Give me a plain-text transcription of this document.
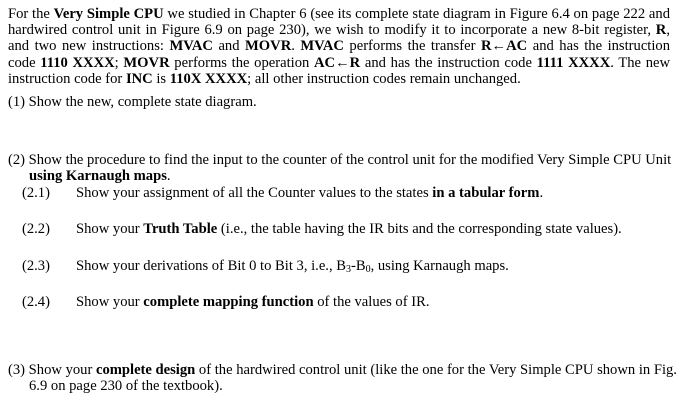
For the Very Simple CPU we studied in Chapter 6 (see its complete state diagram in Figure 6.4 on page 222 and hardwired control unit in Figure 6.9 on page 230), we wish to modify it to incorporate a new 8-bit register, R, and two new instructions: MVAC and MOVR. MVAC performs the transfer R←AC and has the instruction code 1110 XXXX; MOVR performs the operation AC←R and has the instruction code 1111 XXXX. The new instruction code for INC is 110X XXXX; all other instruction codes remain unchanged.
(1) Show the new, complete state diagram.
(2) Show the procedure to find the input to the counter of the control unit for the modified Very Simple CPU Unit using Karnaugh maps.
(2.1) Show your assignment of all the Counter values to the states in a tabular form.
(2.2) Show your Truth Table (i.e., the table having the IR bits and the corresponding state values).
(2.3) Show your derivations of Bit 0 to Bit 3, i.e., $B_3-B_0$, using Karnaugh maps.
(2.4) Show your complete mapping function of the values of IR.
(3) Show your complete design of the hardwired control unit (like the one for the Very Simple CPU shown in Fig. 6.9 on page 230 of the textbook).
